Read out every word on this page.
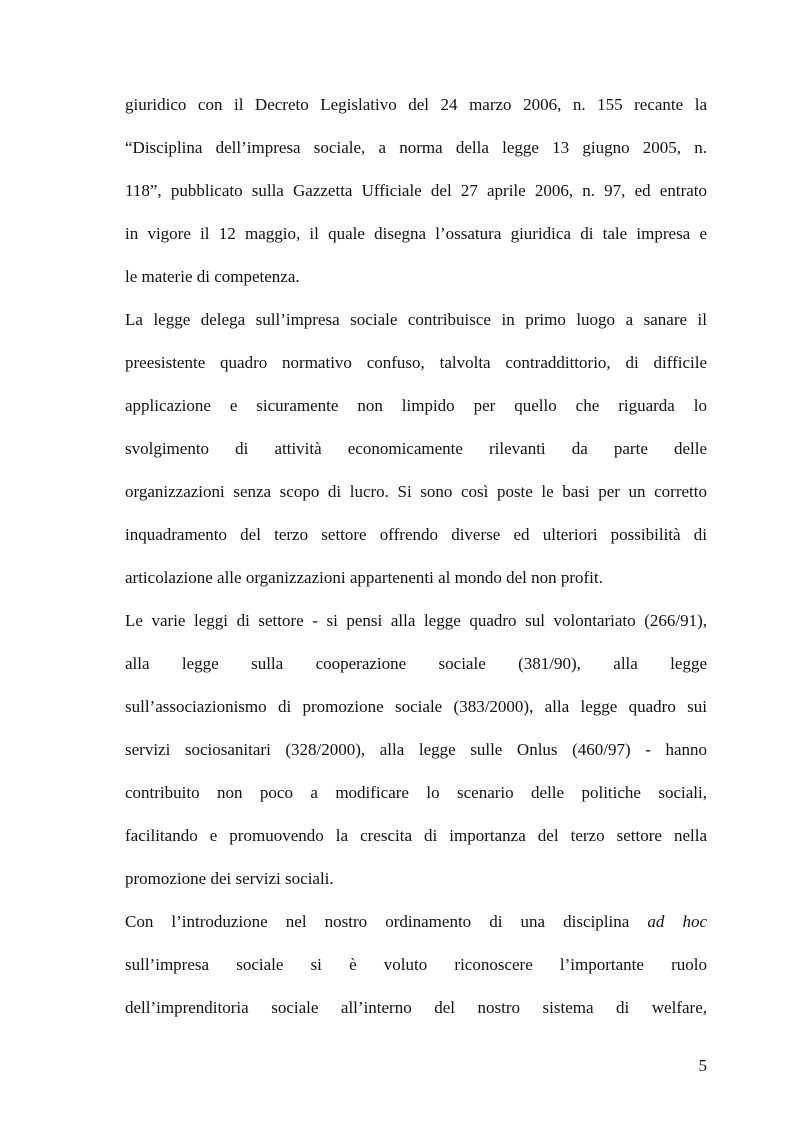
giuridico con il Decreto Legislativo del 24 marzo 2006, n. 155 recante la
“Disciplina dell’impresa sociale, a norma della legge 13 giugno 2005, n.
118”, pubblicato sulla Gazzetta Ufficiale del 27 aprile 2006, n. 97, ed entrato
in vigore il 12 maggio, il quale disegna l’ossatura giuridica di tale impresa e
le materie di competenza.
La legge delega sull’impresa sociale contribuisce in primo luogo a sanare il
preesistente quadro normativo confuso, talvolta contraddittorio, di difficile
applicazione e sicuramente non limpido per quello che riguarda lo
svolgimento di attività economicamente rilevanti da parte delle
organizzazioni senza scopo di lucro. Si sono così poste le basi per un corretto
inquadramento del terzo settore offrendo diverse ed ulteriori possibilità di
articolazione alle organizzazioni appartenenti al mondo del non profit.
Le varie leggi di settore - si pensi alla legge quadro sul volontariato (266/91),
alla legge sulla cooperazione sociale (381/90), alla legge
sull’associazionismo di promozione sociale (383/2000), alla legge quadro sui
servizi sociosanitari (328/2000), alla legge sulle Onlus (460/97) - hanno
contribuito non poco a modificare lo scenario delle politiche sociali,
facilitando e promuovendo la crescita di importanza del terzo settore nella
promozione dei servizi sociali.
Con l’introduzione nel nostro ordinamento di una disciplina ad hoc
sull’impresa sociale si è voluto riconoscere l’importante ruolo
dell’imprenditoria sociale all’interno del nostro sistema di welfare,
5
